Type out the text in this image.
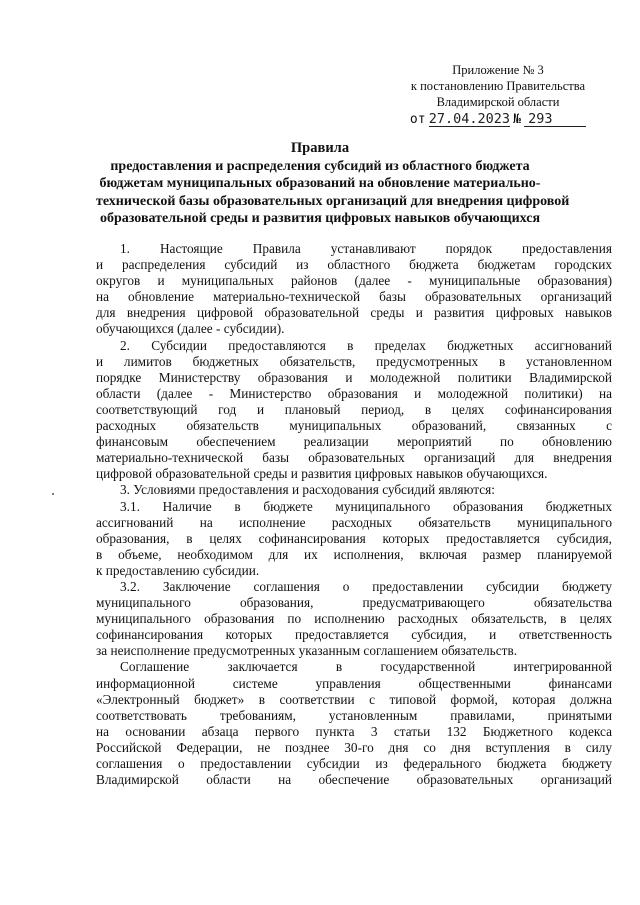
Приложение № 3
к постановлению Правительства
Владимирской области
от 27.04.2023 № 293
Правила
предоставления и распределения субсидий из областного бюджета
бюджетам муниципальных образований на обновление материально-
технической базы образовательных организаций для внедрения цифровой
образовательной среды и развития цифровых навыков обучающихся
1. Настоящие Правила устанавливают порядок предоставления
и распределения субсидий из областного бюджета бюджетам городских
округов и муниципальных районов (далее - муниципальные образования)
на обновление материально-технической базы образовательных организаций
для внедрения цифровой образовательной среды и развития цифровых навыков
обучающихся (далее - субсидии).
2. Субсидии предоставляются в пределах бюджетных ассигнований
и лимитов бюджетных обязательств, предусмотренных в установленном
порядке Министерству образования и молодежной политики Владимирской
области (далее - Министерство образования и молодежной политики) на
соответствующий год и плановый период, в целях софинансирования
расходных обязательств муниципальных образований, связанных с
финансовым обеспечением реализации мероприятий по обновлению
материально-технической базы образовательных организаций для внедрения
цифровой образовательной среды и развития цифровых навыков обучающихся.
3. Условиями предоставления и расходования субсидий являются:
3.1. Наличие в бюджете муниципального образования бюджетных
ассигнований на исполнение расходных обязательств муниципального
образования, в целях софинансирования которых предоставляется субсидия,
в объеме, необходимом для их исполнения, включая размер планируемой
к предоставлению субсидии.
3.2. Заключение соглашения о предоставлении субсидии бюджету
муниципального образования, предусматривающего обязательства
муниципального образования по исполнению расходных обязательств, в целях
софинансирования которых предоставляется субсидия, и ответственность
за неисполнение предусмотренных указанным соглашением обязательств.
Соглашение заключается в государственной интегрированной
информационной системе управления общественными финансами
«Электронный бюджет» в соответствии с типовой формой, которая должна
соответствовать требованиям, установленным правилами, принятыми
на основании абзаца первого пункта 3 статьи 132 Бюджетного кодекса
Российской Федерации, не позднее 30-го дня со дня вступления в силу
соглашения о предоставлении субсидии из федерального бюджета бюджету
Владимирской области на обеспечение образовательных организаций
